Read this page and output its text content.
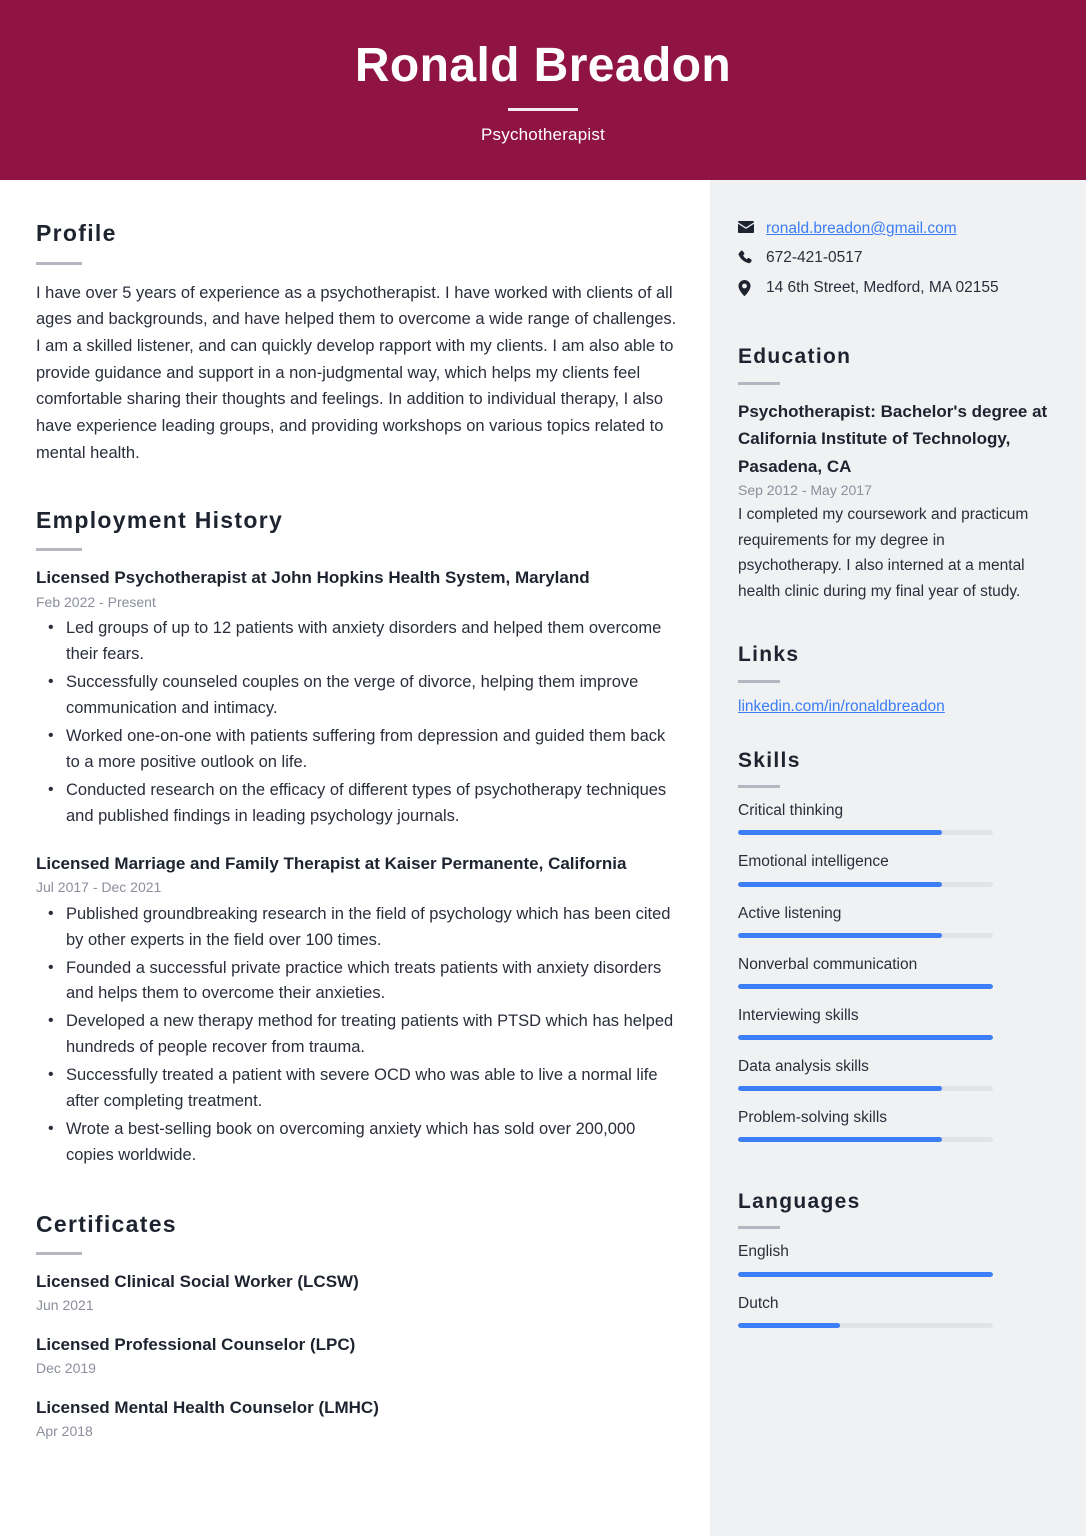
Ronald Breadon
Psychotherapist
Profile

I have over 5 years of experience as a psychotherapist. I have worked with clients of all ages and backgrounds, and have helped them to overcome a wide range of challenges. I am a skilled listener, and can quickly develop rapport with my clients. I am also able to provide guidance and support in a non-judgmental way, which helps my clients feel comfortable sharing their thoughts and feelings. In addition to individual therapy, I also have experience leading groups, and providing workshops on various topics related to mental health.

Employment History
Licensed Psychotherapist at John Hopkins Health System, Maryland
Feb 2022 - Present
• Led groups of up to 12 patients with anxiety disorders and helped them overcome their fears.
• Successfully counseled couples on the verge of divorce, helping them improve communication and intimacy.
• Worked one-on-one with patients suffering from depression and guided them back to a more positive outlook on life.
• Conducted research on the efficacy of different types of psychotherapy techniques and published findings in leading psychology journals.
Licensed Marriage and Family Therapist at Kaiser Permanente, California
Jul 2017 - Dec 2021
• Published groundbreaking research in the field of psychology which has been cited by other experts in the field over 100 times.
• Founded a successful private practice which treats patients with anxiety disorders and helps them to overcome their anxieties.
• Developed a new therapy method for treating patients with PTSD which has helped hundreds of people recover from trauma.
• Successfully treated a patient with severe OCD who was able to live a normal life after completing treatment.
• Wrote a best-selling book on overcoming anxiety which has sold over 200,000 copies worldwide.
Certificates
Licensed Clinical Social Worker (LCSW)
Jun 2021
Licensed Professional Counselor (LPC)
Dec 2019
Licensed Mental Health Counselor (LMHC)
Apr 2018
ronald.breadon@gmail.com
672-421-0517
14 6th Street, Medford, MA 02155
Education
Psychotherapist: Bachelor's degree at California Institute of Technology, Pasadena, CA
Sep 2012 - May 2017

I completed my coursework and practicum requirements for my degree in psychotherapy. I also interned at a mental health clinic during my final year of study.

Links
linkedin.com/in/ronaldbreadon
Skills
Critical thinking
Emotional intelligence
Active listening
Nonverbal communication
Interviewing skills
Data analysis skills
Problem-solving skills
Languages
English
Dutch
